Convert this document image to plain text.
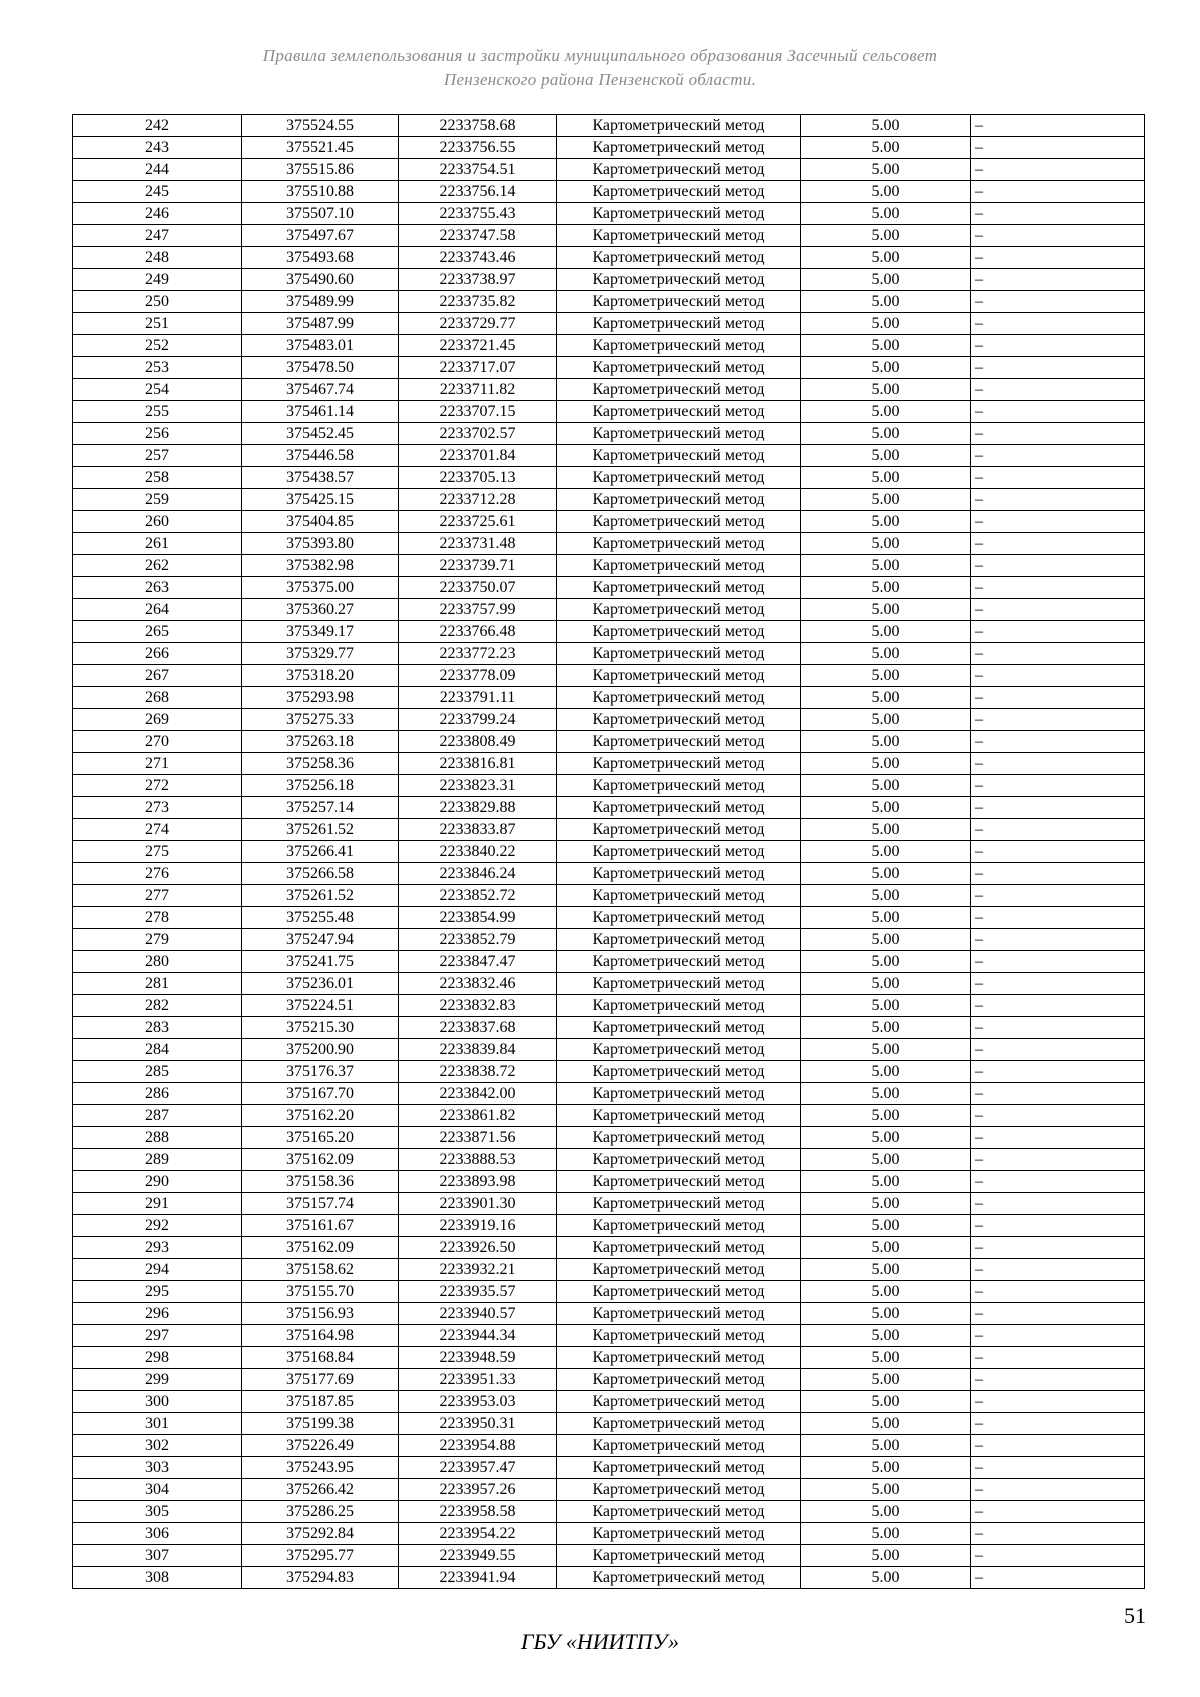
Правила землепользования и застройки муниципального образования Засечный сельсовет
Пензенского района Пензенской области.
242	375524.55	2233758.68	Картометрический метод	5.00	–
243	375521.45	2233756.55	Картометрический метод	5.00	–
244	375515.86	2233754.51	Картометрический метод	5.00	–
245	375510.88	2233756.14	Картометрический метод	5.00	–
246	375507.10	2233755.43	Картометрический метод	5.00	–
247	375497.67	2233747.58	Картометрический метод	5.00	–
248	375493.68	2233743.46	Картометрический метод	5.00	–
249	375490.60	2233738.97	Картометрический метод	5.00	–
250	375489.99	2233735.82	Картометрический метод	5.00	–
251	375487.99	2233729.77	Картометрический метод	5.00	–
252	375483.01	2233721.45	Картометрический метод	5.00	–
253	375478.50	2233717.07	Картометрический метод	5.00	–
254	375467.74	2233711.82	Картометрический метод	5.00	–
255	375461.14	2233707.15	Картометрический метод	5.00	–
256	375452.45	2233702.57	Картометрический метод	5.00	–
257	375446.58	2233701.84	Картометрический метод	5.00	–
258	375438.57	2233705.13	Картометрический метод	5.00	–
259	375425.15	2233712.28	Картометрический метод	5.00	–
260	375404.85	2233725.61	Картометрический метод	5.00	–
261	375393.80	2233731.48	Картометрический метод	5.00	–
262	375382.98	2233739.71	Картометрический метод	5.00	–
263	375375.00	2233750.07	Картометрический метод	5.00	–
264	375360.27	2233757.99	Картометрический метод	5.00	–
265	375349.17	2233766.48	Картометрический метод	5.00	–
266	375329.77	2233772.23	Картометрический метод	5.00	–
267	375318.20	2233778.09	Картометрический метод	5.00	–
268	375293.98	2233791.11	Картометрический метод	5.00	–
269	375275.33	2233799.24	Картометрический метод	5.00	–
270	375263.18	2233808.49	Картометрический метод	5.00	–
271	375258.36	2233816.81	Картометрический метод	5.00	–
272	375256.18	2233823.31	Картометрический метод	5.00	–
273	375257.14	2233829.88	Картометрический метод	5.00	–
274	375261.52	2233833.87	Картометрический метод	5.00	–
275	375266.41	2233840.22	Картометрический метод	5.00	–
276	375266.58	2233846.24	Картометрический метод	5.00	–
277	375261.52	2233852.72	Картометрический метод	5.00	–
278	375255.48	2233854.99	Картометрический метод	5.00	–
279	375247.94	2233852.79	Картометрический метод	5.00	–
280	375241.75	2233847.47	Картометрический метод	5.00	–
281	375236.01	2233832.46	Картометрический метод	5.00	–
282	375224.51	2233832.83	Картометрический метод	5.00	–
283	375215.30	2233837.68	Картометрический метод	5.00	–
284	375200.90	2233839.84	Картометрический метод	5.00	–
285	375176.37	2233838.72	Картометрический метод	5.00	–
286	375167.70	2233842.00	Картометрический метод	5.00	–
287	375162.20	2233861.82	Картометрический метод	5.00	–
288	375165.20	2233871.56	Картометрический метод	5.00	–
289	375162.09	2233888.53	Картометрический метод	5.00	–
290	375158.36	2233893.98	Картометрический метод	5.00	–
291	375157.74	2233901.30	Картометрический метод	5.00	–
292	375161.67	2233919.16	Картометрический метод	5.00	–
293	375162.09	2233926.50	Картометрический метод	5.00	–
294	375158.62	2233932.21	Картометрический метод	5.00	–
295	375155.70	2233935.57	Картометрический метод	5.00	–
296	375156.93	2233940.57	Картометрический метод	5.00	–
297	375164.98	2233944.34	Картометрический метод	5.00	–
298	375168.84	2233948.59	Картометрический метод	5.00	–
299	375177.69	2233951.33	Картометрический метод	5.00	–
300	375187.85	2233953.03	Картометрический метод	5.00	–
301	375199.38	2233950.31	Картометрический метод	5.00	–
302	375226.49	2233954.88	Картометрический метод	5.00	–
303	375243.95	2233957.47	Картометрический метод	5.00	–
304	375266.42	2233957.26	Картометрический метод	5.00	–
305	375286.25	2233958.58	Картометрический метод	5.00	–
306	375292.84	2233954.22	Картометрический метод	5.00	–
307	375295.77	2233949.55	Картометрический метод	5.00	–
308	375294.83	2233941.94	Картометрический метод	5.00	–
51
ГБУ «НИИТПУ»
